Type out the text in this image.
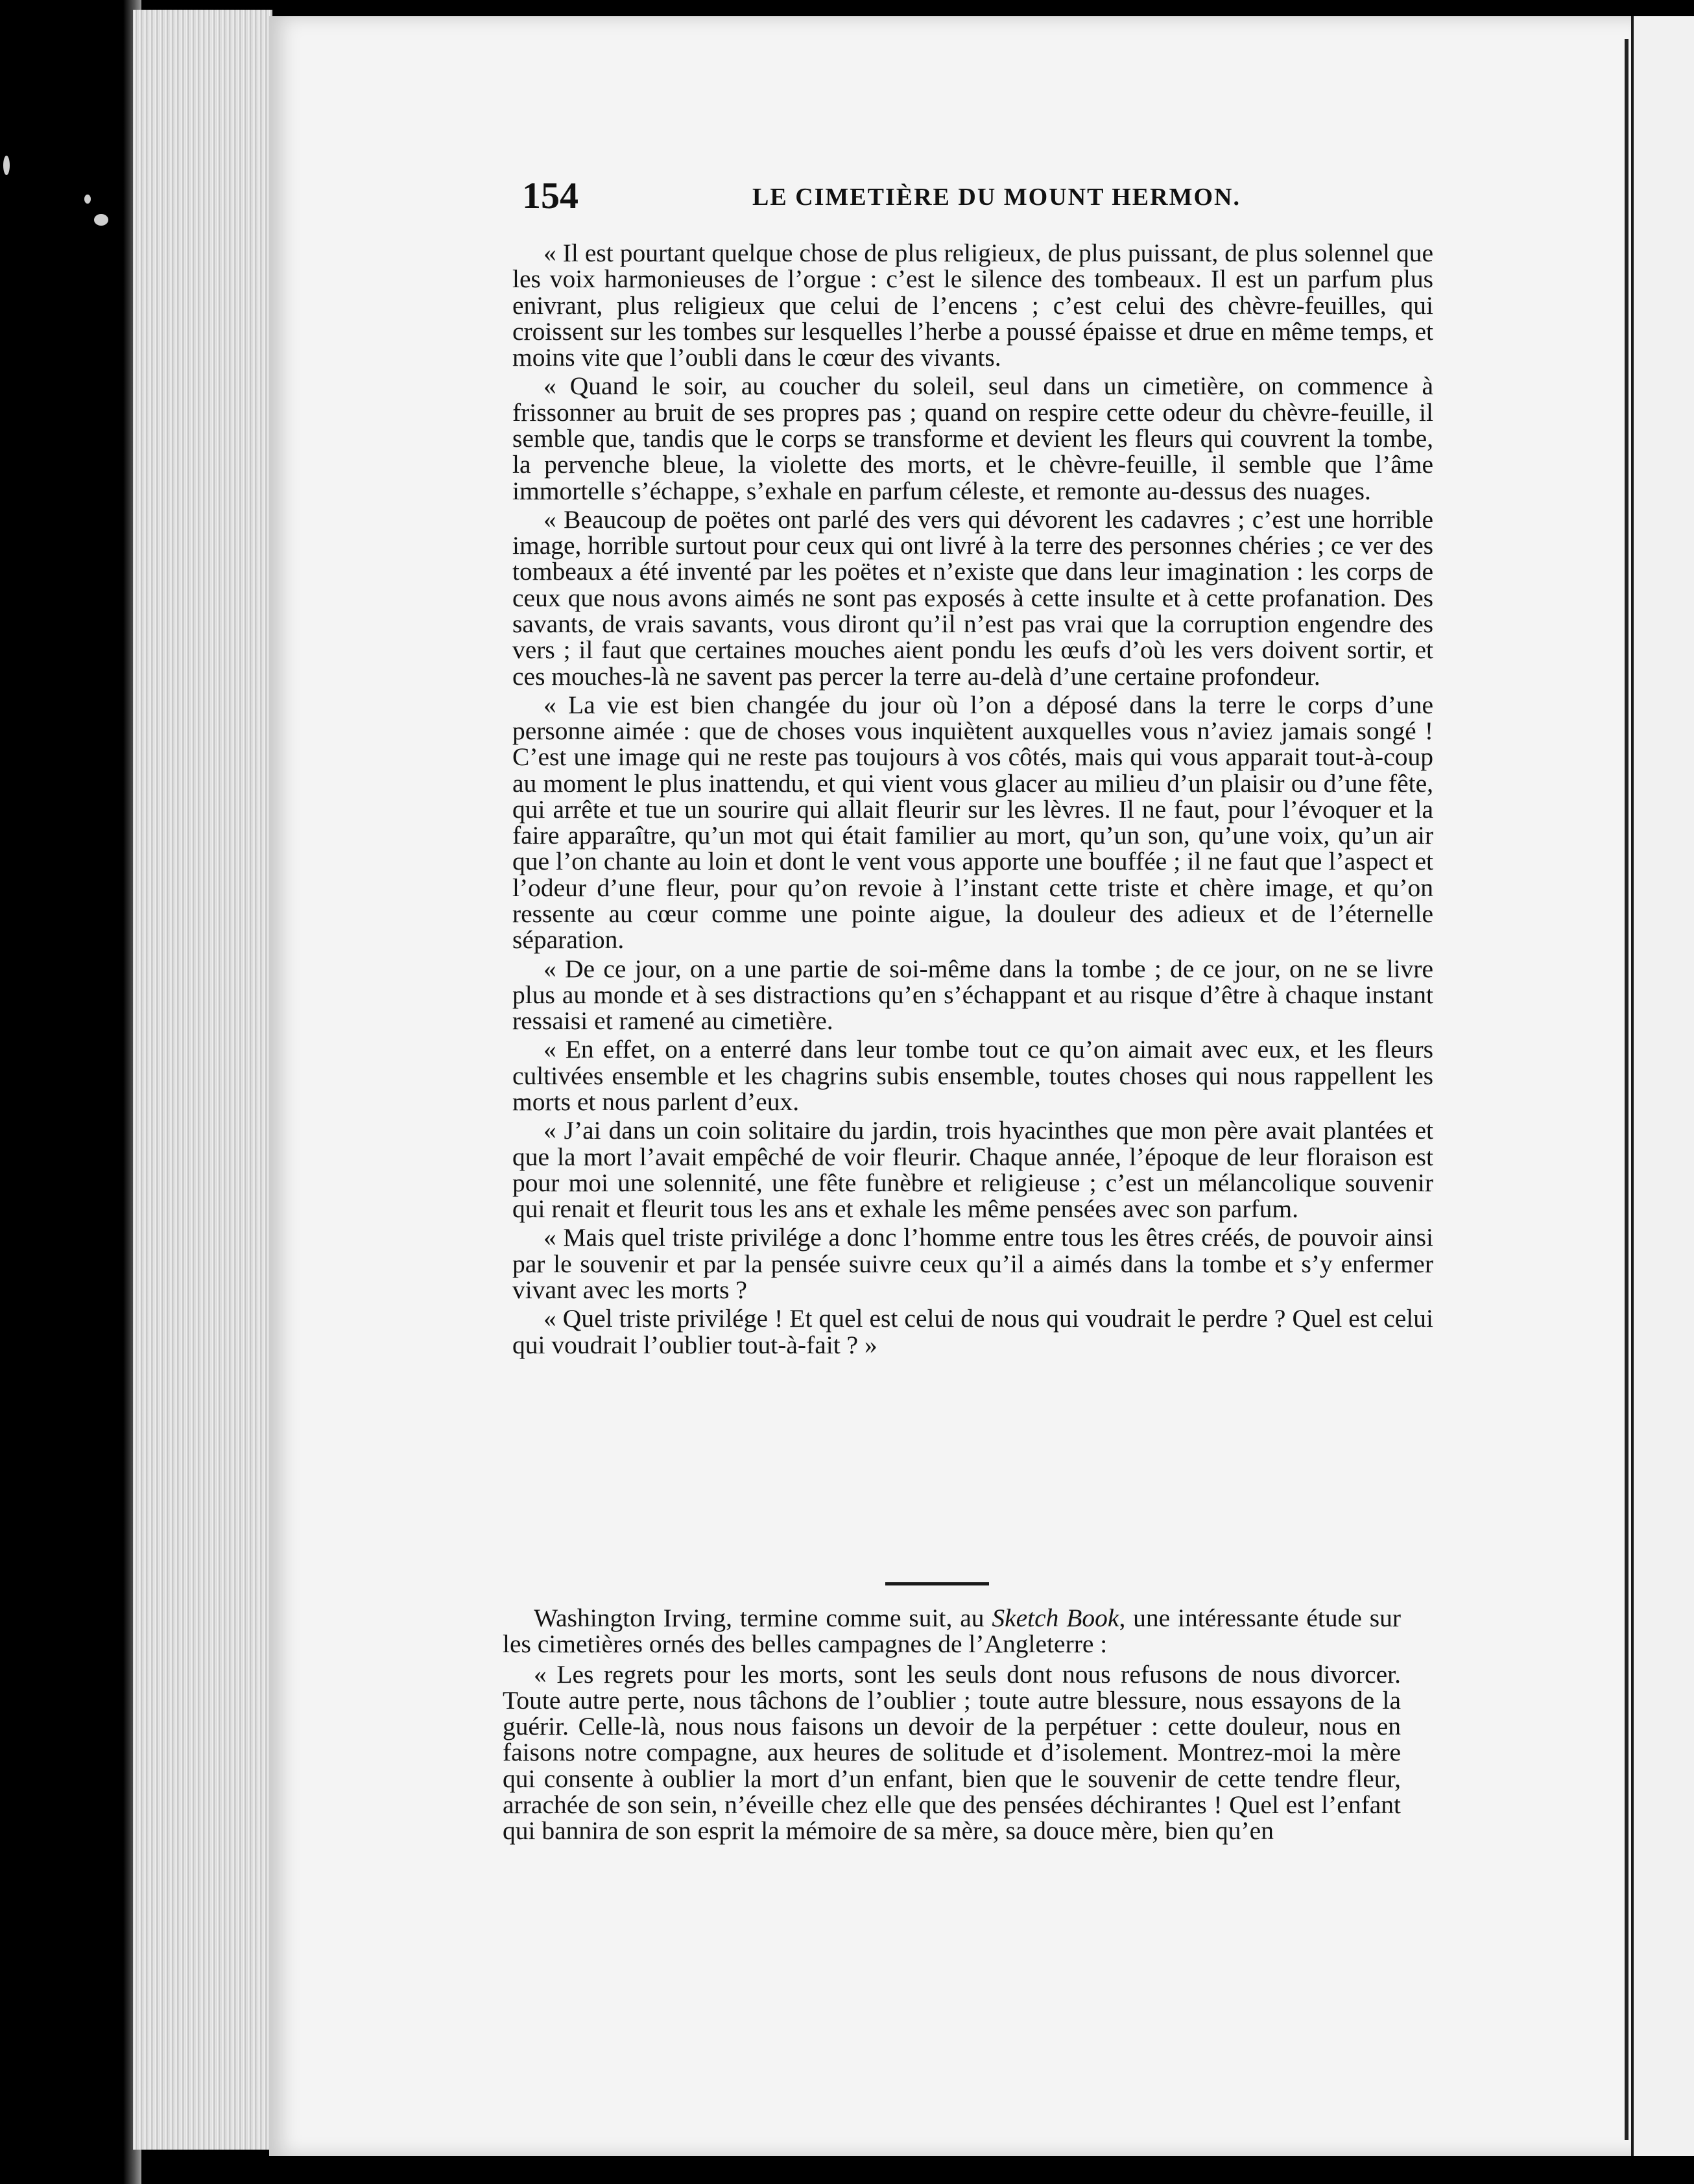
154	LE CIMETIÈRE DU MOUNT HERMON.

« Il est pourtant quelque chose de plus religieux, de plus puissant, de plus solennel que les voix harmonieuses de l’orgue : c’est le silence des tombeaux. Il est un parfum plus enivrant, plus religieux que celui de l’encens ; c’est celui des chèvre-feuilles, qui croissent sur les tombes sur lesquelles l’herbe a poussé épaisse et drue en même temps, et moins vite que l’oubli dans le cœur des vivants.

« Quand le soir, au coucher du soleil, seul dans un cimetière, on commence à frissonner au bruit de ses propres pas ; quand on respire cette odeur du chèvre-feuille, il semble que, tandis que le corps se transforme et devient les fleurs qui couvrent la tombe, la pervenche bleue, la violette des morts, et le chèvre-feuille, il semble que l’âme immortelle s’échappe, s’exhale en parfum céleste, et remonte au-dessus des nuages.

« Beaucoup de poëtes ont parlé des vers qui dévorent les cadavres ; c’est une horrible image, horrible surtout pour ceux qui ont livré à la terre des personnes chéries ; ce ver des tombeaux a été inventé par les poëtes et n’existe que dans leur imagination : les corps de ceux que nous avons aimés ne sont pas exposés à cette insulte et à cette profanation. Des savants, de vrais savants, vous diront qu’il n’est pas vrai que la corruption engendre des vers ; il faut que certaines mouches aient pondu les œufs d’où les vers doivent sortir, et ces mouches-là ne savent pas percer la terre au-delà d’une certaine profondeur.

« La vie est bien changée du jour où l’on a déposé dans la terre le corps d’une personne aimée : que de choses vous inquiètent auxquelles vous n’aviez jamais songé ! C’est une image qui ne reste pas toujours à vos côtés, mais qui vous apparait tout-à-coup au moment le plus inattendu, et qui vient vous glacer au milieu d’un plaisir ou d’une fête, qui arrête et tue un sourire qui allait fleurir sur les lèvres. Il ne faut, pour l’évoquer et la faire apparaître, qu’un mot qui était familier au mort, qu’un son, qu’une voix, qu’un air que l’on chante au loin et dont le vent vous apporte une bouffée ; il ne faut que l’aspect et l’odeur d’une fleur, pour qu’on revoie à l’instant cette triste et chère image, et qu’on ressente au cœur comme une pointe aigue, la douleur des adieux et de l’éternelle séparation.

« De ce jour, on a une partie de soi-même dans la tombe ; de ce jour, on ne se livre plus au monde et à ses distractions qu’en s’échappant et au risque d’être à chaque instant ressaisi et ramené au cimetière.

« En effet, on a enterré dans leur tombe tout ce qu’on aimait avec eux, et les fleurs cultivées ensemble et les chagrins subis ensemble, toutes choses qui nous rappellent les morts et nous parlent d’eux.

« J’ai dans un coin solitaire du jardin, trois hyacinthes que mon père avait plantées et que la mort l’avait empêché de voir fleurir. Chaque année, l’époque de leur floraison est pour moi une solennité, une fête funèbre et religieuse ; c’est un mélancolique souvenir qui renait et fleurit tous les ans et exhale les même pensées avec son parfum.

« Mais quel triste privilége a donc l’homme entre tous les êtres créés, de pouvoir ainsi par le souvenir et par la pensée suivre ceux qu’il a aimés dans la tombe et s’y enfermer vivant avec les morts ?

« Quel triste privilége ! Et quel est celui de nous qui voudrait le perdre ? Quel est celui qui voudrait l’oublier tout-à-fait ? »

Washington Irving, termine comme suit, au Sketch Book, une intéressante étude sur les cimetières ornés des belles campagnes de l’Angleterre :

« Les regrets pour les morts, sont les seuls dont nous refusons de nous divorcer. Toute autre perte, nous tâchons de l’oublier ; toute autre blessure, nous essayons de la guérir. Celle-là, nous nous faisons un devoir de la perpétuer : cette douleur, nous en faisons notre compagne, aux heures de solitude et d’isolement. Montrez-moi la mère qui consente à oublier la mort d’un enfant, bien que le souvenir de cette tendre fleur, arrachée de son sein, n’éveille chez elle que des pensées déchirantes ! Quel est l’enfant qui bannira de son esprit la mémoire de sa mère, sa douce mère, bien qu’en
